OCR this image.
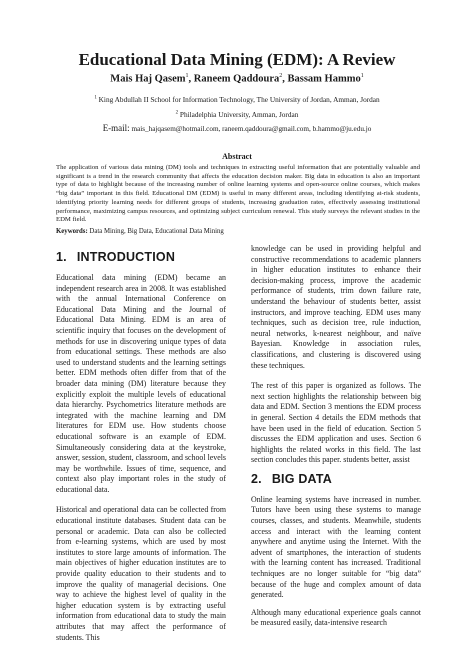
Educational Data Mining (EDM): A Review
Mais Haj Qasem$^1$, Raneem Qaddoura$^2$, Bassam Hammo$^1$
$^1$ King Abdullah II School for Information Technology, The University of Jordan, Amman, Jordan
$^2$ Philadelphia University, Amman, Jordan
E-mail: mais_hajqasem@hotmail.com, raneem.qaddoura@gmail.com, b.hammo@ju.edu.jo
Abstract
The application of various data mining (DM) tools and techniques in extracting useful information that are potentially valuable and significant is a trend in the research community that affects the education decision maker. Big data in education is also an important type of data to highlight because of the increasing number of online learning systems and open-source online courses, which makes “big data” important in this field. Educational DM (EDM) is useful in many different areas, including identifying at-risk students, identifying priority learning needs for different groups of students, increasing graduation rates, effectively assessing institutional performance, maximizing campus resources, and optimizing subject curriculum renewal. This study surveys the relevant studies in the EDM field.
Keywords: Data Mining, Big Data, Educational Data Mining
1. INTRODUCTION

Educational data mining (EDM) became an independent research area in 2008. It was established with the annual International Conference on Educational Data Mining and the Journal of Educational Data Mining. EDM is an area of scientific inquiry that focuses on the development of methods for use in discovering unique types of data from educational settings. These methods are also used to understand students and the learning settings better. EDM methods often differ from that of the broader data mining (DM) literature because they explicitly exploit the multiple levels of educational data hierarchy. Psychometrics literature methods are integrated with the machine learning and DM literatures for EDM use. How students choose educational software is an example of EDM. Simultaneously considering data at the keystroke, answer, session, student, classroom, and school levels may be worthwhile. Issues of time, sequence, and context also play important roles in the study of educational data.

Historical and operational data can be collected from educational institute databases. Student data can be personal or academic. Data can also be collected from e-learning systems, which are used by most institutes to store large amounts of information. The main objectives of higher education institutes are to provide quality education to their students and to improve the quality of managerial decisions. One way to achieve the highest level of quality in the higher education system is by extracting useful information from educational data to study the main attributes that may affect the performance of students. This

knowledge can be used in providing helpful and constructive recommendations to academic planners in higher education institutes to enhance their decision-making process, improve the academic performance of students, trim down failure rate, understand the behaviour of students better, assist instructors, and improve teaching. EDM uses many techniques, such as decision tree, rule induction, neural networks, k-nearest neighbour, and naïve Bayesian. Knowledge in association rules, classifications, and clustering is discovered using these techniques.

The rest of this paper is organized as follows. The next section highlights the relationship between big data and EDM. Section 3 mentions the EDM process in general. Section 4 details the EDM methods that have been used in the field of education. Section 5 discusses the EDM application and uses. Section 6 highlights the related works in this field. The last section concludes this paper. students better, assist

2. BIG DATA

Online learning systems have increased in number. Tutors have been using these systems to manage courses, classes, and students. Meanwhile, students access and interact with the learning content anywhere and anytime using the Internet. With the advent of smartphones, the interaction of students with the learning content has increased. Traditional techniques are no longer suitable for “big data” because of the huge and complex amount of data generated.

Although many educational experience goals cannot be measured easily, data-intensive research
